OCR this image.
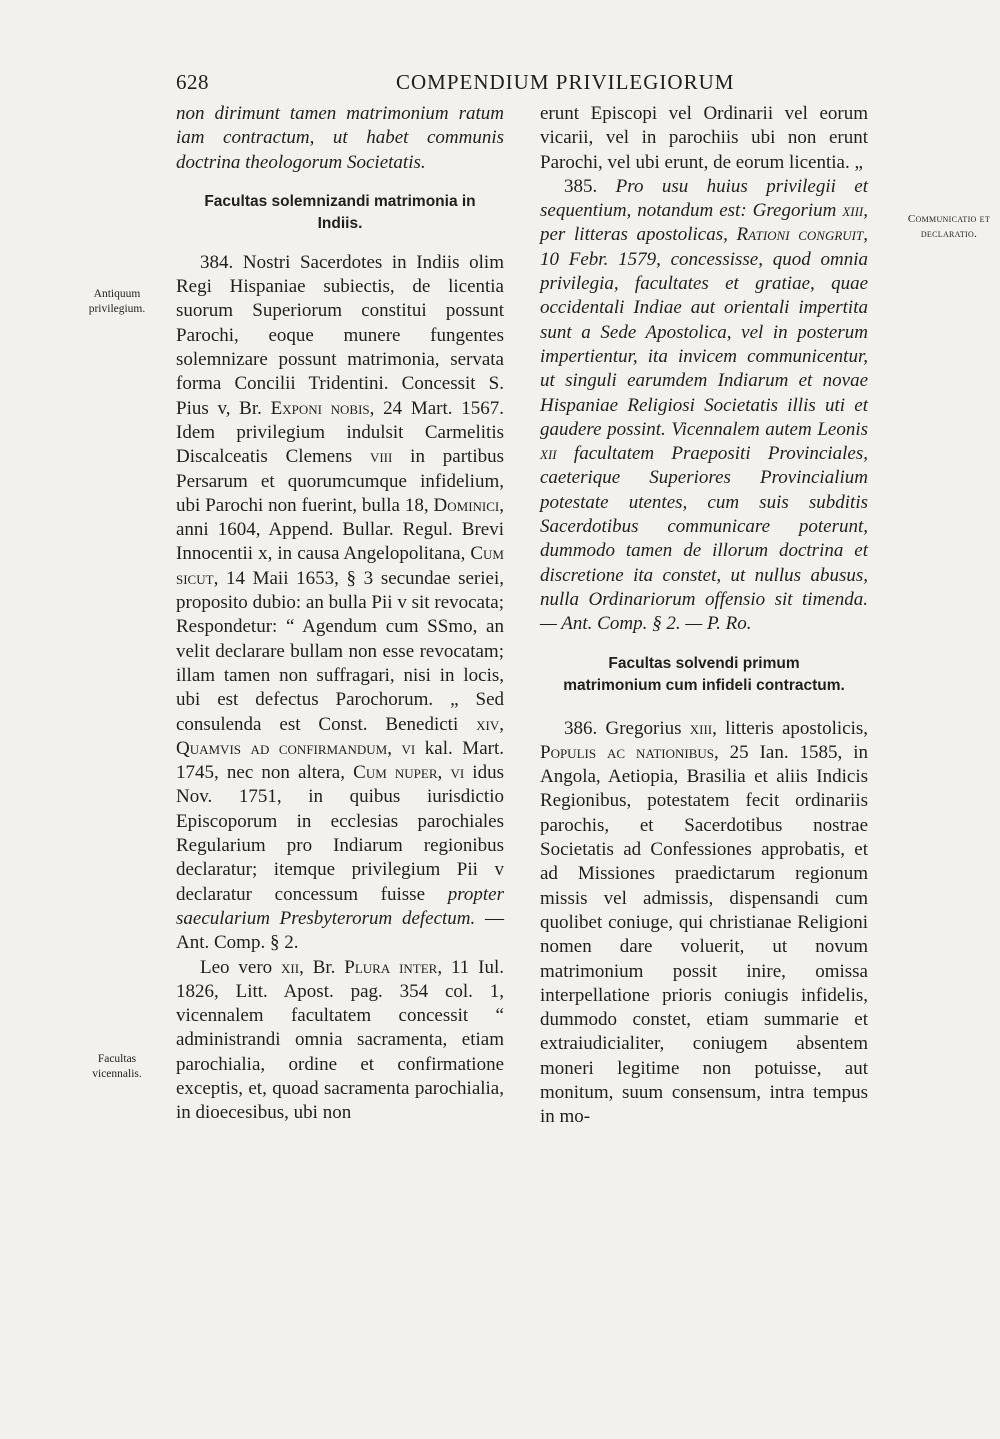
628	COMPENDIUM PRIVILEGIORUM
Antiquum privilegium.
Facultas vicennalis.
Communicatio et declaratio.

non dirimunt tamen matrimonium ratum iam contractum, ut habet communis doctrina theologorum Societatis.

Facultas solemnizandi matrimonia in Indiis.

384. Nostri Sacerdotes in Indiis olim Regi Hispaniae subiectis, de licentia suorum Superiorum constitui possunt Parochi, eoque munere fungentes solemnizare possunt matrimonia, servata forma Concilii Tridentini. Concessit S. Pius v, Br. Exponi nobis, 24 Mart. 1567. Idem privilegium indulsit Carmelitis Discalceatis Clemens viii in partibus Persarum et quorumcumque infidelium, ubi Parochi non fuerint, bulla 18, Dominici, anni 1604, Append. Bullar. Regul. Brevi Innocentii x, in causa Angelopolitana, Cum sicut, 14 Maii 1653, § 3 secundae seriei, proposito dubio: an bulla Pii v sit revocata; Respondetur: “ Agendum cum SSmo, an velit declarare bullam non esse revocatam; illam tamen non suffragari, nisi in locis, ubi est defectus Parochorum. „ Sed consulenda est Const. Benedicti xiv, Quamvis ad confirmandum, vi kal. Mart. 1745, nec non altera, Cum nuper, vi idus Nov. 1751, in quibus iurisdictio Episcoporum in ecclesias parochiales Regularium pro Indiarum regionibus declaratur; itemque privilegium Pii v declaratur concessum fuisse propter saecularium Presbyterorum defectum. — Ant. Comp. § 2.

Leo vero xii, Br. Plura inter, 11 Iul. 1826, Litt. Apost. pag. 354 col. 1, vicennalem facultatem concessit “ administrandi omnia sacramenta, etiam parochialia, ordine et confirmatione exceptis, et, quoad sacramenta parochialia, in dioecesibus, ubi non

erunt Episcopi vel Ordinarii vel eorum vicarii, vel in parochiis ubi non erunt Parochi, vel ubi erunt, de eorum licentia. „

385. Pro usu huius privilegii et sequentium, notandum est: Gregorium xiii, per litteras apostolicas, Rationi congruit, 10 Febr. 1579, concessisse, quod omnia privilegia, facultates et gratiae, quae occidentali Indiae aut orientali impertita sunt a Sede Apostolica, vel in posterum impertientur, ita invicem communicentur, ut singuli earumdem Indiarum et novae Hispaniae Religiosi Societatis illis uti et gaudere possint. Vicennalem autem Leonis xii facultatem Praepositi Provinciales, caeterique Superiores Provincialium potestate utentes, cum suis subditis Sacerdotibus communicare poterunt, dummodo tamen de illorum doctrina et discretione ita constet, ut nullus abusus, nulla Ordinariorum offensio sit timenda. — Ant. Comp. § 2. — P. Ro.

Facultas solvendi primum matrimonium cum infideli contractum.

386. Gregorius xiii, litteris apostolicis, Populis ac nationibus, 25 Ian. 1585, in Angola, Aetiopia, Brasilia et aliis Indicis Regionibus, potestatem fecit ordinariis parochis, et Sacerdotibus nostrae Societatis ad Confessiones approbatis, et ad Missiones praedictarum regionum missis vel admissis, dispensandi cum quolibet coniuge, qui christianae Religioni nomen dare voluerit, ut novum matrimonium possit inire, omissa interpellatione prioris coniugis infidelis, dummodo constet, etiam summarie et extraiudicialiter, coniugem absentem moneri legitime non potuisse, aut monitum, suum consensum, intra tempus in mo-
